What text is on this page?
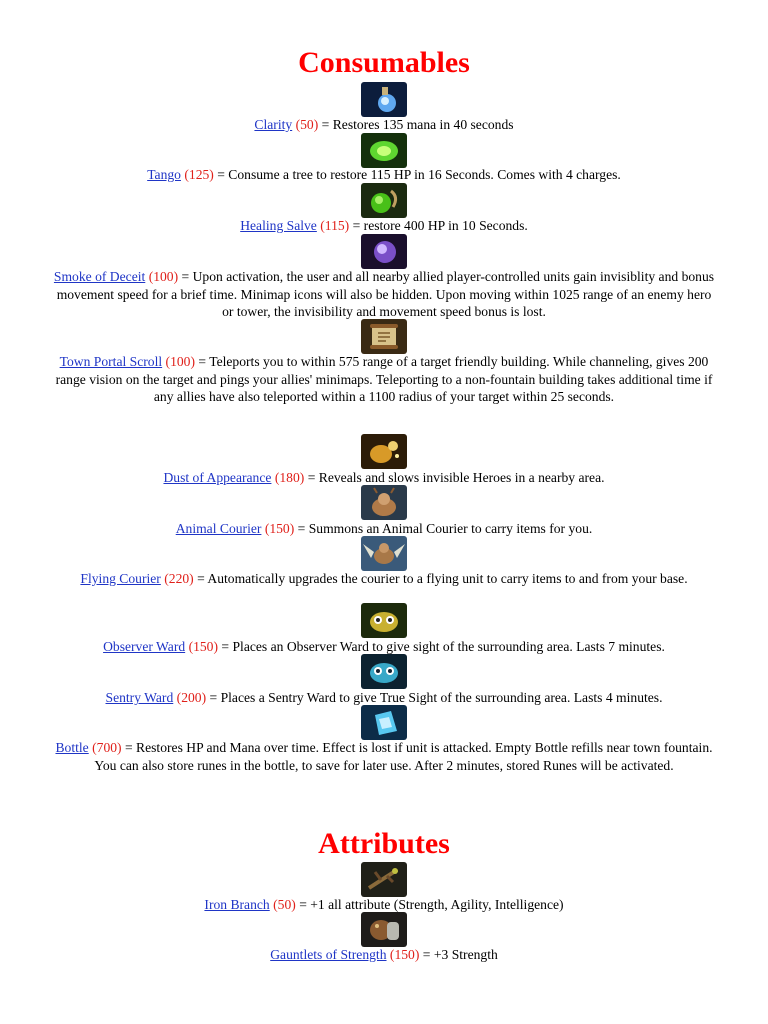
Consumables
Clarity (50) = Restores 135 mana in 40 seconds
Tango (125) = Consume a tree to restore 115 HP in 16 Seconds. Comes with 4 charges.
Healing Salve (115) = restore 400 HP in 10 Seconds.
Smoke of Deceit (100) = Upon activation, the user and all nearby allied player-controlled units gain invisiblity and bonus movement speed for a brief time. Minimap icons will also be hidden. Upon moving within 1025 range of an enemy hero or tower, the invisibility and movement speed bonus is lost.
Town Portal Scroll (100) = Teleports you to within 575 range of a target friendly building. While channeling, gives 200 range vision on the target and pings your allies' minimaps. Teleporting to a non-fountain building takes additional time if any allies have also teleported within a 1100 radius of your target within 25 seconds.
Dust of Appearance (180) = Reveals and slows invisible Heroes in a nearby area.
Animal Courier (150) = Summons an Animal Courier to carry items for you.
Flying Courier (220) = Automatically upgrades the courier to a flying unit to carry items to and from your base.
Observer Ward (150) = Places an Observer Ward to give sight of the surrounding area. Lasts 7 minutes.
Sentry Ward (200) = Places a Sentry Ward to give True Sight of the surrounding area. Lasts 4 minutes.
Bottle (700) = Restores HP and Mana over time. Effect is lost if unit is attacked. Empty Bottle refills near town fountain. You can also store runes in the bottle, to save for later use. After 2 minutes, stored Runes will be activated.
Attributes
Iron Branch (50) = +1 all attribute (Strength, Agility, Intelligence)
Gauntlets of Strength (150) = +3 Strength
